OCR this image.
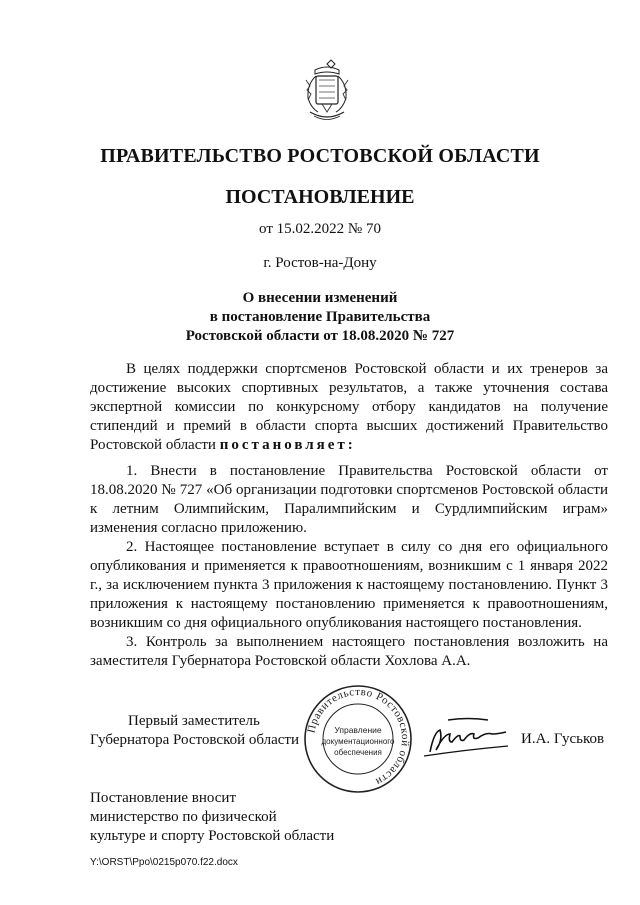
ПРАВИТЕЛЬСТВО РОСТОВСКОЙ ОБЛАСТИ
ПОСТАНОВЛЕНИЕ
от 15.02.2022 № 70
г. Ростов-на-Дону
О внесении изменений
в постановление Правительства
Ростовской области от 18.08.2020 № 727

В целях поддержки спортсменов Ростовской области и их тренеров за достижение высоких спортивных результатов, а также уточнения состава экспертной комиссии по конкурсному отбору кандидатов на получение стипендий и премий в области спорта высших достижений Правительство Ростовской области постановляет:

1. Внести в постановление Правительства Ростовской области от 18.08.2020 № 727 «Об организации подготовки спортсменов Ростовской области к летним Олимпийским, Паралимпийским и Сурдлимпийским играм» изменения согласно приложению.

2. Настоящее постановление вступает в силу со дня его официального опубликования и применяется к правоотношениям, возникшим с 1 января 2022 г., за исключением пункта 3 приложения к настоящему постановлению. Пункт 3 приложения к настоящему постановлению применяется к правоотношениям, возникшим со дня официального опубликования настоящего постановления.

3. Контроль за выполнением настоящего постановления возложить на заместителя Губернатора Ростовской области Хохлова А.А.

Первый заместитель
Губернатора Ростовской области
Правительство Ростовской области
Управление
документационного
обеспечения
И.А. Гуськов
Постановление вносит
министерство по физической
культуре и спорту Ростовской области
Y:\ORST\Ppo\0215p070.f22.docx
